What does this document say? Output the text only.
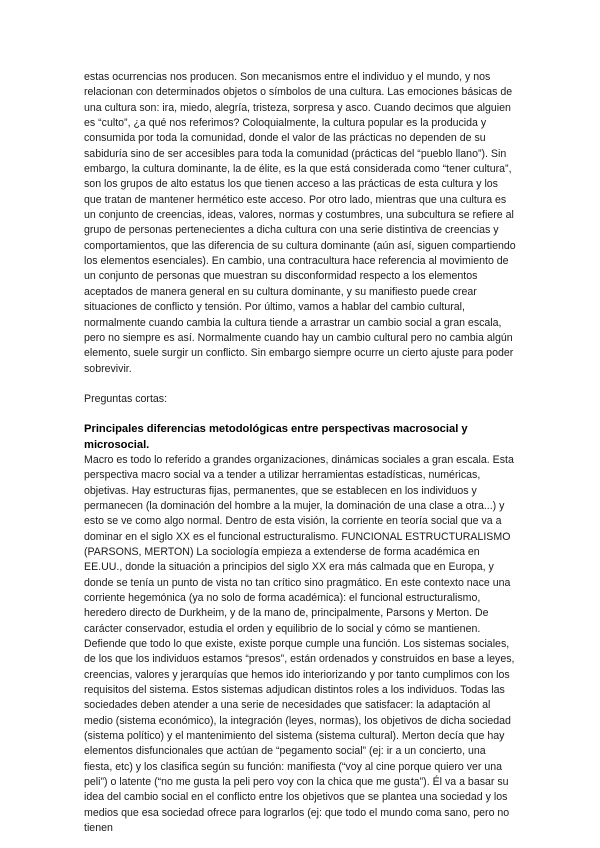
estas ocurrencias nos producen. Son mecanismos entre el individuo y el mundo, y nos relacionan con determinados objetos o símbolos de una cultura. Las emociones básicas de una cultura son: ira, miedo, alegría, tristeza, sorpresa y asco. Cuando decimos que alguien es “culto”, ¿a qué nos referimos? Coloquialmente, la cultura popular es la producida y consumida por toda la comunidad, donde el valor de las prácticas no dependen de su sabiduría sino de ser accesibles para toda la comunidad (prácticas del “pueblo llano”). Sin embargo, la cultura dominante, la de élite, es la que está considerada como “tener cultura”, son los grupos de alto estatus los que tienen acceso a las prácticas de esta cultura y los que tratan de mantener hermético este acceso. Por otro lado, mientras que una cultura es un conjunto de creencias, ideas, valores, normas y costumbres, una subcultura se refiere al grupo de personas pertenecientes a dicha cultura con una serie distintiva de creencias y comportamientos, que las diferencia de su cultura dominante (aún así, siguen compartiendo los elementos esenciales). En cambio, una contracultura hace referencia al movimiento de un conjunto de personas que muestran su disconformidad respecto a los elementos aceptados de manera general en su cultura dominante, y su manifiesto puede crear situaciones de conflicto y tensión. Por último, vamos a hablar del cambio cultural, normalmente cuando cambia la cultura tiende a arrastrar un cambio social a gran escala, pero no siempre es así. Normalmente cuando hay un cambio cultural pero no cambia algún elemento, suele surgir un conflicto. Sin embargo siempre ocurre un cierto ajuste para poder sobrevivir.

Preguntas cortas:

Principales diferencias metodológicas entre perspectivas macrosocial y microsocial.

Macro es todo lo referido a grandes organizaciones, dinámicas sociales a gran escala. Esta perspectiva macro social va a tender a utilizar herramientas estadísticas, numéricas, objetivas. Hay estructuras fijas, permanentes, que se establecen en los individuos y permanecen (la dominación del hombre a la mujer, la dominación de una clase a otra...) y esto se ve como algo normal. Dentro de esta visión, la corriente en teoría social que va a dominar en el siglo XX es el funcional estructuralismo. FUNCIONAL ESTRUCTURALISMO (PARSONS, MERTON) La sociología empieza a extenderse de forma académica en EE.UU., donde la situación a principios del siglo XX era más calmada que en Europa, y donde se tenía un punto de vista no tan crítico sino pragmático. En este contexto nace una corriente hegemónica (ya no solo de forma académica): el funcional estructuralismo, heredero directo de Durkheim, y de la mano de, principalmente, Parsons y Merton. De carácter conservador, estudia el orden y equilibrio de lo social y cómo se mantienen. Defiende que todo lo que existe, existe porque cumple una función. Los sistemas sociales, de los que los individuos estamos “presos”, están ordenados y construidos en base a leyes, creencias, valores y jerarquías que hemos ido interiorizando y por tanto cumplimos con los requisitos del sistema. Estos sistemas adjudican distintos roles a los individuos. Todas las sociedades deben atender a una serie de necesidades que satisfacer: la adaptación al medio (sistema económico), la integración (leyes, normas), los objetivos de dicha sociedad (sistema político) y el mantenimiento del sistema (sistema cultural). Merton decía que hay elementos disfuncionales que actúan de “pegamento social” (ej: ir a un concierto, una fiesta, etc) y los clasifica según su función: manifiesta (“voy al cine porque quiero ver una peli”) o latente (“no me gusta la peli pero voy con la chica que me gusta”). Él va a basar su idea del cambio social en el conflicto entre los objetivos que se plantea una sociedad y los medios que esa sociedad ofrece para lograrlos (ej: que todo el mundo coma sano, pero no tienen
